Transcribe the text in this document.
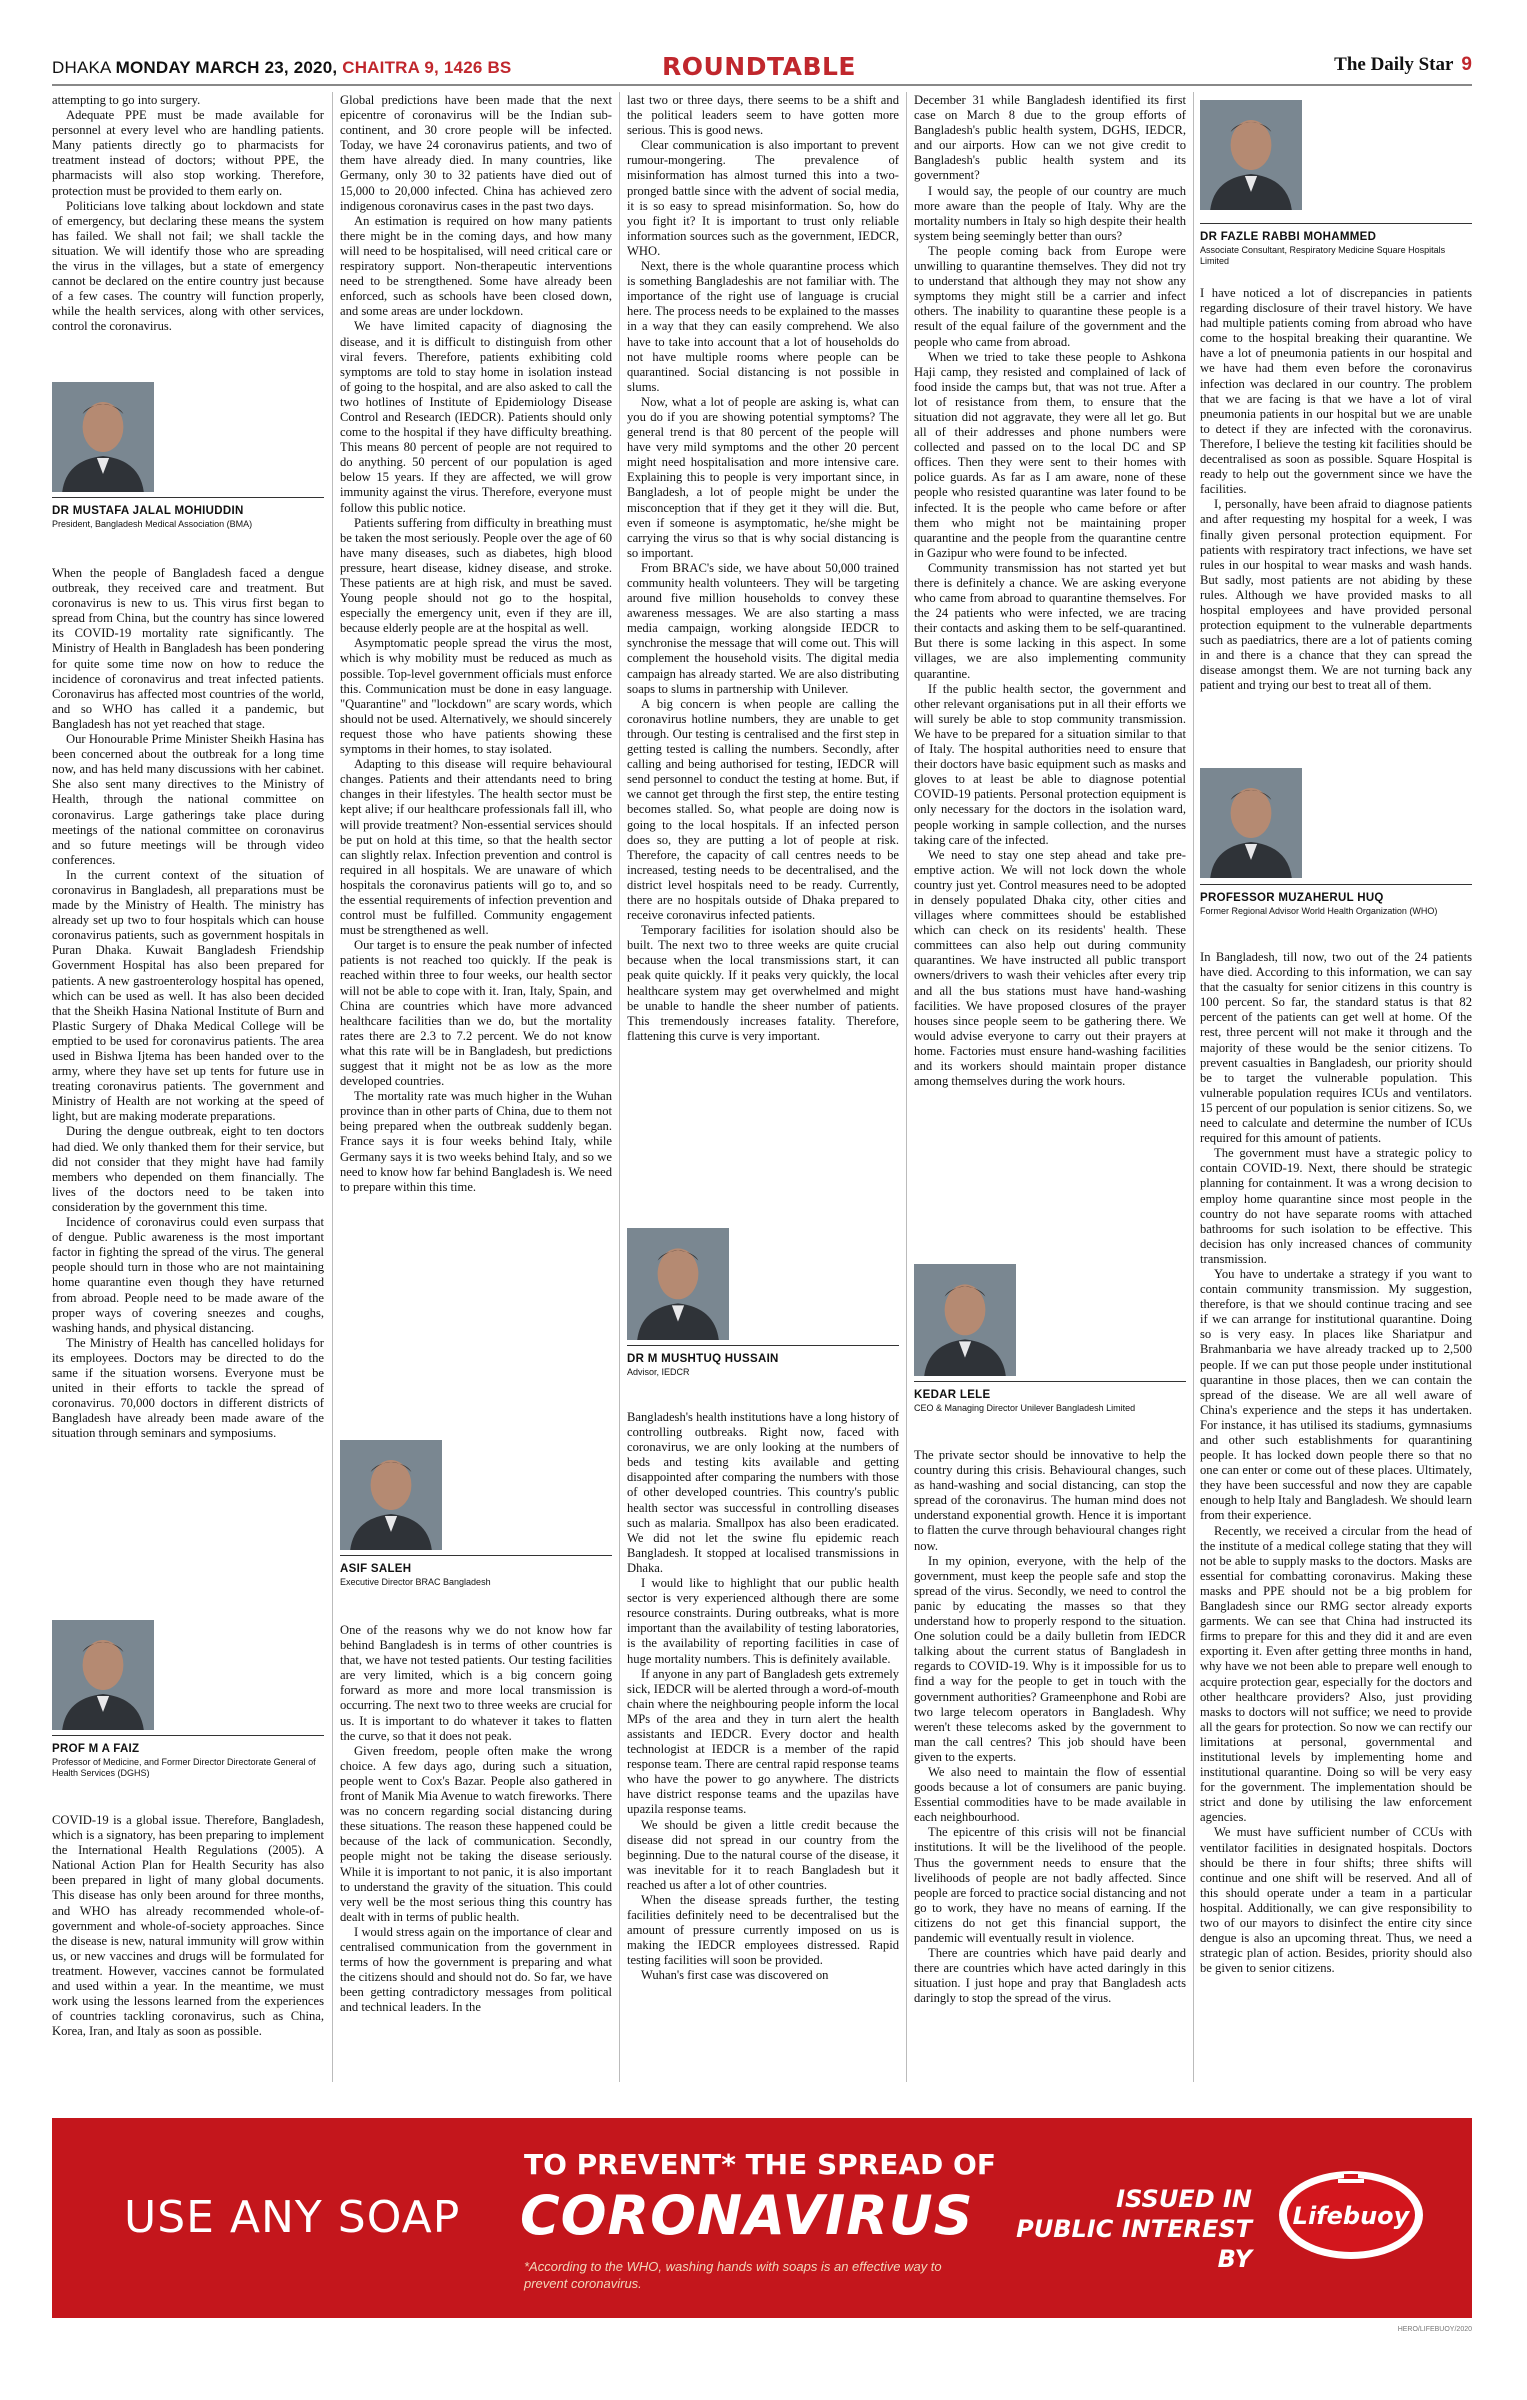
DHAKA MONDAY MARCH 23, 2020, CHAITRA 9, 1426 BS	ROUNDTABLE	The Daily Star 9

attempting to go into surgery.

Adequate PPE must be made available for personnel at every level who are handling patients. Many patients directly go to pharmacists for treatment instead of doctors; without PPE, the pharmacists will also stop working. Therefore, protection must be provided to them early on.

Politicians love talking about lockdown and state of emergency, but declaring these means the system has failed. We shall not fail; we shall tackle the situation. We will identify those who are spreading the virus in the villages, but a state of emergency cannot be declared on the entire country just because of a few cases. The country will function properly, while the health services, along with other services, control the coronavirus.

DR MUSTAFA JALAL MOHIUDDIN
President, Bangladesh Medical Association (BMA)

When the people of Bangladesh faced a dengue outbreak, they received care and treatment. But coronavirus is new to us. This virus first began to spread from China, but the country has since lowered its COVID-19 mortality rate significantly. The Ministry of Health in Bangladesh has been pondering for quite some time now on how to reduce the incidence of coronavirus and treat infected patients. Coronavirus has affected most countries of the world, and so WHO has called it a pandemic, but Bangladesh has not yet reached that stage.

Our Honourable Prime Minister Sheikh Hasina has been concerned about the outbreak for a long time now, and has held many discussions with her cabinet. She also sent many directives to the Ministry of Health, through the national committee on coronavirus. Large gatherings take place during meetings of the national committee on coronavirus and so future meetings will be through video conferences.

In the current context of the situation of coronavirus in Bangladesh, all preparations must be made by the Ministry of Health. The ministry has already set up two to four hospitals which can house coronavirus patients, such as government hospitals in Puran Dhaka. Kuwait Bangladesh Friendship Government Hospital has also been prepared for patients. A new gastroenterology hospital has opened, which can be used as well. It has also been decided that the Sheikh Hasina National Institute of Burn and Plastic Surgery of Dhaka Medical College will be emptied to be used for coronavirus patients. The area used in Bishwa Ijtema has been handed over to the army, where they have set up tents for future use in treating coronavirus patients. The government and Ministry of Health are not working at the speed of light, but are making moderate preparations.

During the dengue outbreak, eight to ten doctors had died. We only thanked them for their service, but did not consider that they might have had family members who depended on them financially. The lives of the doctors need to be taken into consideration by the government this time.

Incidence of coronavirus could even surpass that of dengue. Public awareness is the most important factor in fighting the spread of the virus. The general people should turn in those who are not maintaining home quarantine even though they have returned from abroad. People need to be made aware of the proper ways of covering sneezes and coughs, washing hands, and physical distancing.

The Ministry of Health has cancelled holidays for its employees. Doctors may be directed to do the same if the situation worsens. Everyone must be united in their efforts to tackle the spread of coronavirus. 70,000 doctors in different districts of Bangladesh have already been made aware of the situation through seminars and symposiums.

PROF M A FAIZ
Professor of Medicine, and Former Director Directorate General of Health Services (DGHS)

COVID-19 is a global issue. Therefore, Bangladesh, which is a signatory, has been preparing to implement the International Health Regulations (2005). A National Action Plan for Health Security has also been prepared in light of many global documents. This disease has only been around for three months, and WHO has already recommended whole-of-government and whole-of-society approaches. Since the disease is new, natural immunity will grow within us, or new vaccines and drugs will be formulated for treatment. However, vaccines cannot be formulated and used within a year. In the meantime, we must work using the lessons learned from the experiences of countries tackling coronavirus, such as China, Korea, Iran, and Italy as soon as possible.

Global predictions have been made that the next epicentre of coronavirus will be the Indian sub-continent, and 30 crore people will be infected. Today, we have 24 coronavirus patients, and two of them have already died. In many countries, like Germany, only 30 to 32 patients have died out of 15,000 to 20,000 infected. China has achieved zero indigenous coronavirus cases in the past two days.

An estimation is required on how many patients there might be in the coming days, and how many will need to be hospitalised, will need critical care or respiratory support. Non-therapeutic interventions need to be strengthened. Some have already been enforced, such as schools have been closed down, and some areas are under lockdown.

We have limited capacity of diagnosing the disease, and it is difficult to distinguish from other viral fevers. Therefore, patients exhibiting cold symptoms are told to stay home in isolation instead of going to the hospital, and are also asked to call the two hotlines of Institute of Epidemiology Disease Control and Research (IEDCR). Patients should only come to the hospital if they have difficulty breathing. This means 80 percent of people are not required to do anything. 50 percent of our population is aged below 15 years. If they are affected, we will grow immunity against the virus. Therefore, everyone must follow this public notice.

Patients suffering from difficulty in breathing must be taken the most seriously. People over the age of 60 have many diseases, such as diabetes, high blood pressure, heart disease, kidney disease, and stroke. These patients are at high risk, and must be saved. Young people should not go to the hospital, especially the emergency unit, even if they are ill, because elderly people are at the hospital as well.

Asymptomatic people spread the virus the most, which is why mobility must be reduced as much as possible. Top-level government officials must enforce this. Communication must be done in easy language. "Quarantine" and "lockdown" are scary words, which should not be used. Alternatively, we should sincerely request those who have patients showing these symptoms in their homes, to stay isolated.

Adapting to this disease will require behavioural changes. Patients and their attendants need to bring changes in their lifestyles. The health sector must be kept alive; if our healthcare professionals fall ill, who will provide treatment? Non-essential services should be put on hold at this time, so that the health sector can slightly relax. Infection prevention and control is required in all hospitals. We are unaware of which hospitals the coronavirus patients will go to, and so the essential requirements of infection prevention and control must be fulfilled. Community engagement must be strengthened as well.

Our target is to ensure the peak number of infected patients is not reached too quickly. If the peak is reached within three to four weeks, our health sector will not be able to cope with it. Iran, Italy, Spain, and China are countries which have more advanced healthcare facilities than we do, but the mortality rates there are 2.3 to 7.2 percent. We do not know what this rate will be in Bangladesh, but predictions suggest that it might not be as low as the more developed countries.

The mortality rate was much higher in the Wuhan province than in other parts of China, due to them not being prepared when the outbreak suddenly began. France says it is four weeks behind Italy, while Germany says it is two weeks behind Italy, and so we need to know how far behind Bangladesh is. We need to prepare within this time.

ASIF SALEH
Executive Director BRAC Bangladesh

One of the reasons why we do not know how far behind Bangladesh is in terms of other countries is that, we have not tested patients. Our testing facilities are very limited, which is a big concern going forward as more and more local transmission is occurring. The next two to three weeks are crucial for us. It is important to do whatever it takes to flatten the curve, so that it does not peak.

Given freedom, people often make the wrong choice. A few days ago, during such a situation, people went to Cox's Bazar. People also gathered in front of Manik Mia Avenue to watch fireworks. There was no concern regarding social distancing during these situations. The reason these happened could be because of the lack of communication. Secondly, people might not be taking the disease seriously. While it is important to not panic, it is also important to understand the gravity of the situation. This could very well be the most serious thing this country has dealt with in terms of public health.

I would stress again on the importance of clear and centralised communication from the government in terms of how the government is preparing and what the citizens should and should not do. So far, we have been getting contradictory messages from political and technical leaders. In the

last two or three days, there seems to be a shift and the political leaders seem to have gotten more serious. This is good news.

Clear communication is also important to prevent rumour-mongering. The prevalence of misinformation has almost turned this into a two-pronged battle since with the advent of social media, it is so easy to spread misinformation. So, how do you fight it? It is important to trust only reliable information sources such as the government, IEDCR, WHO.

Next, there is the whole quarantine process which is something Bangladeshis are not familiar with. The importance of the right use of language is crucial here. The process needs to be explained to the masses in a way that they can easily comprehend. We also have to take into account that a lot of households do not have multiple rooms where people can be quarantined. Social distancing is not possible in slums.

Now, what a lot of people are asking is, what can you do if you are showing potential symptoms? The general trend is that 80 percent of the people will have very mild symptoms and the other 20 percent might need hospitalisation and more intensive care. Explaining this to people is very important since, in Bangladesh, a lot of people might be under the misconception that if they get it they will die. But, even if someone is asymptomatic, he/she might be carrying the virus so that is why social distancing is so important.

From BRAC's side, we have about 50,000 trained community health volunteers. They will be targeting around five million households to convey these awareness messages. We are also starting a mass media campaign, working alongside IEDCR to synchronise the message that will come out. This will complement the household visits. The digital media campaign has already started. We are also distributing soaps to slums in partnership with Unilever.

A big concern is when people are calling the coronavirus hotline numbers, they are unable to get through. Our testing is centralised and the first step in getting tested is calling the numbers. Secondly, after calling and being authorised for testing, IEDCR will send personnel to conduct the testing at home. But, if we cannot get through the first step, the entire testing becomes stalled. So, what people are doing now is going to the local hospitals. If an infected person does so, they are putting a lot of people at risk. Therefore, the capacity of call centres needs to be increased, testing needs to be decentralised, and the district level hospitals need to be ready. Currently, there are no hospitals outside of Dhaka prepared to receive coronavirus infected patients.

Temporary facilities for isolation should also be built. The next two to three weeks are quite crucial because when the local transmissions start, it can peak quite quickly. If it peaks very quickly, the local healthcare system may get overwhelmed and might be unable to handle the sheer number of patients. This tremendously increases fatality. Therefore, flattening this curve is very important.

DR M MUSHTUQ HUSSAIN
Advisor, IEDCR

Bangladesh's health institutions have a long history of controlling outbreaks. Right now, faced with coronavirus, we are only looking at the numbers of beds and testing kits available and getting disappointed after comparing the numbers with those of other developed countries. This country's public health sector was successful in controlling diseases such as malaria. Smallpox has also been eradicated. We did not let the swine flu epidemic reach Bangladesh. It stopped at localised transmissions in Dhaka.

I would like to highlight that our public health sector is very experienced although there are some resource constraints. During outbreaks, what is more important than the availability of testing laboratories, is the availability of reporting facilities in case of huge mortality numbers. This is definitely available.

If anyone in any part of Bangladesh gets extremely sick, IEDCR will be alerted through a word-of-mouth chain where the neighbouring people inform the local MPs of the area and they in turn alert the health assistants and IEDCR. Every doctor and health technologist at IEDCR is a member of the rapid response team. There are central rapid response teams who have the power to go anywhere. The districts have district response teams and the upazilas have upazila response teams.

We should be given a little credit because the disease did not spread in our country from the beginning. Due to the natural course of the disease, it was inevitable for it to reach Bangladesh but it reached us after a lot of other countries.

When the disease spreads further, the testing facilities definitely need to be decentralised but the amount of pressure currently imposed on us is making the IEDCR employees distressed. Rapid testing facilities will soon be provided.

Wuhan's first case was discovered on

December 31 while Bangladesh identified its first case on March 8 due to the group efforts of Bangladesh's public health system, DGHS, IEDCR, and our airports. How can we not give credit to Bangladesh's public health system and its government?

I would say, the people of our country are much more aware than the people of Italy. Why are the mortality numbers in Italy so high despite their health system being seemingly better than ours?

The people coming back from Europe were unwilling to quarantine themselves. They did not try to understand that although they may not show any symptoms they might still be a carrier and infect others. The inability to quarantine these people is a result of the equal failure of the government and the people who came from abroad.

When we tried to take these people to Ashkona Haji camp, they resisted and complained of lack of food inside the camps but, that was not true. After a lot of resistance from them, to ensure that the situation did not aggravate, they were all let go. But all of their addresses and phone numbers were collected and passed on to the local DC and SP offices. Then they were sent to their homes with police guards. As far as I am aware, none of these people who resisted quarantine was later found to be infected. It is the people who came before or after them who might not be maintaining proper quarantine and the people from the quarantine centre in Gazipur who were found to be infected.

Community transmission has not started yet but there is definitely a chance. We are asking everyone who came from abroad to quarantine themselves. For the 24 patients who were infected, we are tracing their contacts and asking them to be self-quarantined. But there is some lacking in this aspect. In some villages, we are also implementing community quarantine.

If the public health sector, the government and other relevant organisations put in all their efforts we will surely be able to stop community transmission. We have to be prepared for a situation similar to that of Italy. The hospital authorities need to ensure that their doctors have basic equipment such as masks and gloves to at least be able to diagnose potential COVID-19 patients. Personal protection equipment is only necessary for the doctors in the isolation ward, people working in sample collection, and the nurses taking care of the infected.

We need to stay one step ahead and take pre-emptive action. We will not lock down the whole country just yet. Control measures need to be adopted in densely populated Dhaka city, other cities and villages where committees should be established which can check on its residents' health. These committees can also help out during community quarantines. We have instructed all public transport owners/drivers to wash their vehicles after every trip and all the bus stations must have hand-washing facilities. We have proposed closures of the prayer houses since people seem to be gathering there. We would advise everyone to carry out their prayers at home. Factories must ensure hand-washing facilities and its workers should maintain proper distance among themselves during the work hours.

KEDAR LELE
CEO & Managing Director Unilever Bangladesh Limited

The private sector should be innovative to help the country during this crisis. Behavioural changes, such as hand-washing and social distancing, can stop the spread of the coronavirus. The human mind does not understand exponential growth. Hence it is important to flatten the curve through behavioural changes right now.

In my opinion, everyone, with the help of the government, must keep the people safe and stop the spread of the virus. Secondly, we need to control the panic by educating the masses so that they understand how to properly respond to the situation. One solution could be a daily bulletin from IEDCR talking about the current status of Bangladesh in regards to COVID-19. Why is it impossible for us to find a way for the people to get in touch with the government authorities? Grameenphone and Robi are two large telecom operators in Bangladesh. Why weren't these telecoms asked by the government to man the call centres? This job should have been given to the experts.

We also need to maintain the flow of essential goods because a lot of consumers are panic buying. Essential commodities have to be made available in each neighbourhood.

The epicentre of this crisis will not be financial institutions. It will be the livelihood of the people. Thus the government needs to ensure that the livelihoods of people are not badly affected. Since people are forced to practice social distancing and not go to work, they have no means of earning. If the citizens do not get this financial support, the pandemic will eventually result in violence.

There are countries which have paid dearly and there are countries which have acted daringly in this situation. I just hope and pray that Bangladesh acts daringly to stop the spread of the virus.

DR FAZLE RABBI MOHAMMED
Associate Consultant, Respiratory Medicine Square Hospitals Limited

I have noticed a lot of discrepancies in patients regarding disclosure of their travel history. We have had multiple patients coming from abroad who have come to the hospital breaking their quarantine. We have a lot of pneumonia patients in our hospital and we have had them even before the coronavirus infection was declared in our country. The problem that we are facing is that we have a lot of viral pneumonia patients in our hospital but we are unable to detect if they are infected with the coronavirus. Therefore, I believe the testing kit facilities should be decentralised as soon as possible. Square Hospital is ready to help out the government since we have the facilities.

I, personally, have been afraid to diagnose patients and after requesting my hospital for a week, I was finally given personal protection equipment. For patients with respiratory tract infections, we have set rules in our hospital to wear masks and wash hands. But sadly, most patients are not abiding by these rules. Although we have provided masks to all hospital employees and have provided personal protection equipment to the vulnerable departments such as paediatrics, there are a lot of patients coming in and there is a chance that they can spread the disease amongst them. We are not turning back any patient and trying our best to treat all of them.

PROFESSOR MUZAHERUL HUQ
Former Regional Advisor World Health Organization (WHO)

In Bangladesh, till now, two out of the 24 patients have died. According to this information, we can say that the casualty for senior citizens in this country is 100 percent. So far, the standard status is that 82 percent of the patients can get well at home. Of the rest, three percent will not make it through and the majority of these would be the senior citizens. To prevent casualties in Bangladesh, our priority should be to target the vulnerable population. This vulnerable population requires ICUs and ventilators. 15 percent of our population is senior citizens. So, we need to calculate and determine the number of ICUs required for this amount of patients.

The government must have a strategic policy to contain COVID-19. Next, there should be strategic planning for containment. It was a wrong decision to employ home quarantine since most people in the country do not have separate rooms with attached bathrooms for such isolation to be effective. This decision has only increased chances of community transmission.

You have to undertake a strategy if you want to contain community transmission. My suggestion, therefore, is that we should continue tracing and see if we can arrange for institutional quarantine. Doing so is very easy. In places like Shariatpur and Brahmanbaria we have already tracked up to 2,500 people. If we can put those people under institutional quarantine in those places, then we can contain the spread of the disease. We are all well aware of China's experience and the steps it has undertaken. For instance, it has utilised its stadiums, gymnasiums and other such establishments for quarantining people. It has locked down people there so that no one can enter or come out of these places. Ultimately, they have been successful and now they are capable enough to help Italy and Bangladesh. We should learn from their experience.

Recently, we received a circular from the head of the institute of a medical college stating that they will not be able to supply masks to the doctors. Masks are essential for combatting coronavirus. Making these masks and PPE should not be a big problem for Bangladesh since our RMG sector already exports garments. We can see that China had instructed its firms to prepare for this and they did it and are even exporting it. Even after getting three months in hand, why have we not been able to prepare well enough to acquire protection gear, especially for the doctors and other healthcare providers? Also, just providing masks to doctors will not suffice; we need to provide all the gears for protection. So now we can rectify our limitations at personal, governmental and institutional levels by implementing home and institutional quarantine. Doing so will be very easy for the government. The implementation should be strict and done by utilising the law enforcement agencies.

We must have sufficient number of CCUs with ventilator facilities in designated hospitals. Doctors should be there in four shifts; three shifts will continue and one shift will be reserved. And all of this should operate under a team in a particular hospital. Additionally, we can give responsibility to two of our mayors to disinfect the entire city since dengue is also an upcoming threat. Thus, we need a strategic plan of action. Besides, priority should also be given to senior citizens.

USE ANY SOAP
TO PREVENT* THE SPREAD OF
CORONAVIRUS
*According to the WHO, washing hands with soaps is an effective way to prevent coronavirus.
ISSUED IN PUBLIC INTEREST BY
Lifebuoy
HERO/LIFEBUOY/2020
